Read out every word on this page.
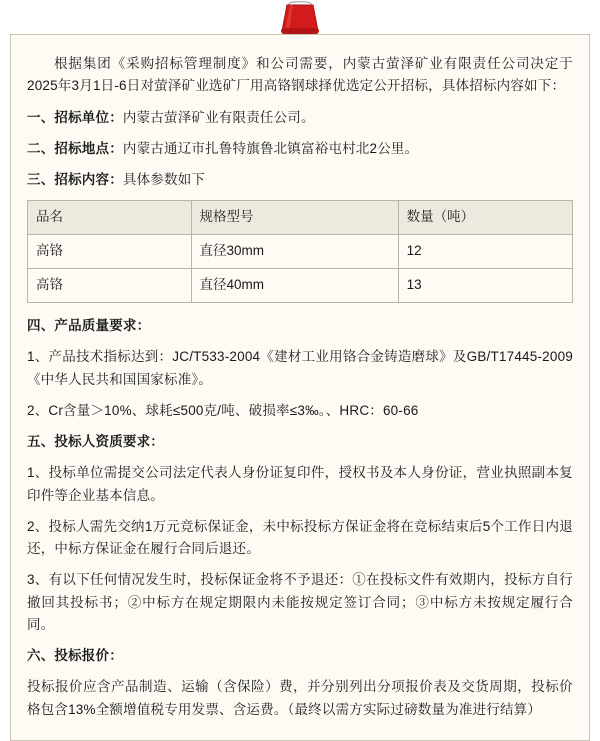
根据集团《采购招标管理制度》和公司需要，内蒙古萤泽矿业有限责任公司决定于2025年3月1日-6日对萤泽矿业选矿厂用高铬钢球择优选定公开招标，具体招标内容如下：

一、招标单位：内蒙古萤泽矿业有限责任公司。

二、招标地点：内蒙古通辽市扎鲁特旗鲁北镇富裕屯村北2公里。

三、招标内容：具体参数如下

品名	规格型号	数量（吨）
高铬	直径30mm	12
高铬	直径40mm	13

四、产品质量要求：

1、产品技术指标达到：JC/T533-2004《建材工业用铬合金铸造磨球》及GB/T17445-2009《中华人民共和国国家标准》。

2、Cr含量＞10%、球耗≤500克/吨、破损率≤3‰。、HRC：60-66

五、投标人资质要求：

1、投标单位需提交公司法定代表人身份证复印件，授权书及本人身份证，营业执照副本复印件等企业基本信息。

2、投标人需先交纳1万元竞标保证金，未中标投标方保证金将在竞标结束后5个工作日内退还，中标方保证金在履行合同后退还。

3、有以下任何情况发生时，投标保证金将不予退还：①在投标文件有效期内，投标方自行撤回其投标书；②中标方在规定期限内未能按规定签订合同；③中标方未按规定履行合同。

六、投标报价：

投标报价应含产品制造、运输（含保险）费，并分别列出分项报价表及交货周期，投标价格包含13%全额增值税专用发票、含运费。（最终以需方实际过磅数量为准进行结算）
